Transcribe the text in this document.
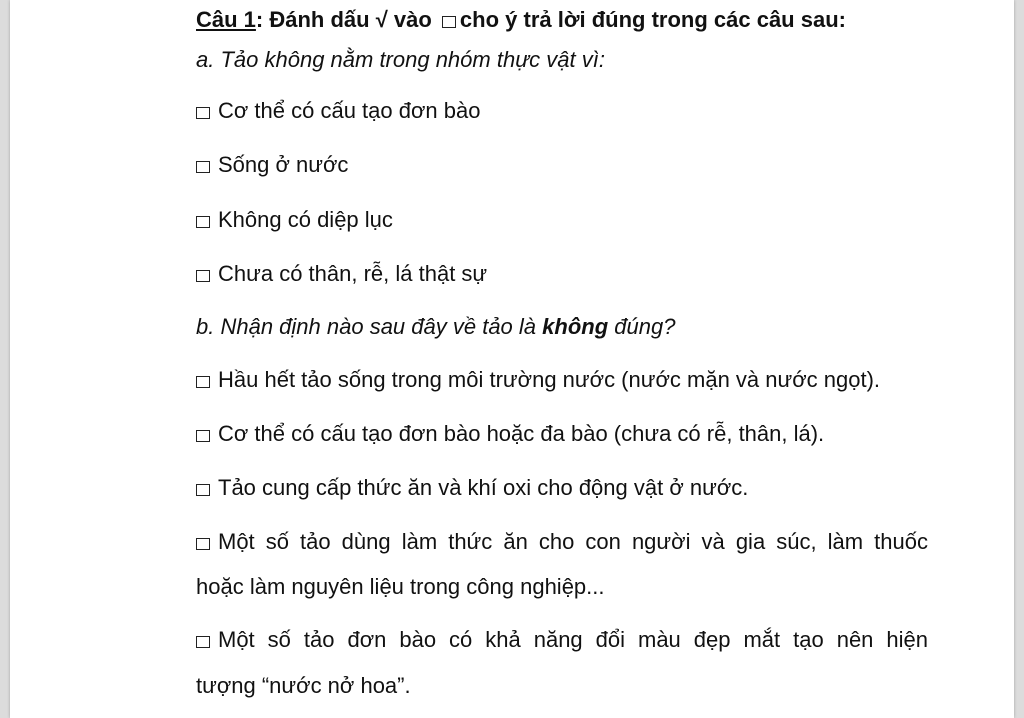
Câu 1: Đánh dấu √ vào cho ý trả lời đúng trong các câu sau:
a. Tảo không nằm trong nhóm thực vật vì:
Cơ thể có cấu tạo đơn bào
Sống ở nước
Không có diệp lục
Chưa có thân, rễ, lá thật sự
b. Nhận định nào sau đây về tảo là không đúng?
Hầu hết tảo sống trong môi trường nước (nước mặn và nước ngọt).
Cơ thể có cấu tạo đơn bào hoặc đa bào (chưa có rễ, thân, lá).
Tảo cung cấp thức ăn và khí oxi cho động vật ở nước.
Một số tảo dùng làm thức ăn cho con người và gia súc, làm thuốc
hoặc làm nguyên liệu trong công nghiệp...
Một số tảo đơn bào có khả năng đổi màu đẹp mắt tạo nên hiện
tượng “nước nở hoa”.
